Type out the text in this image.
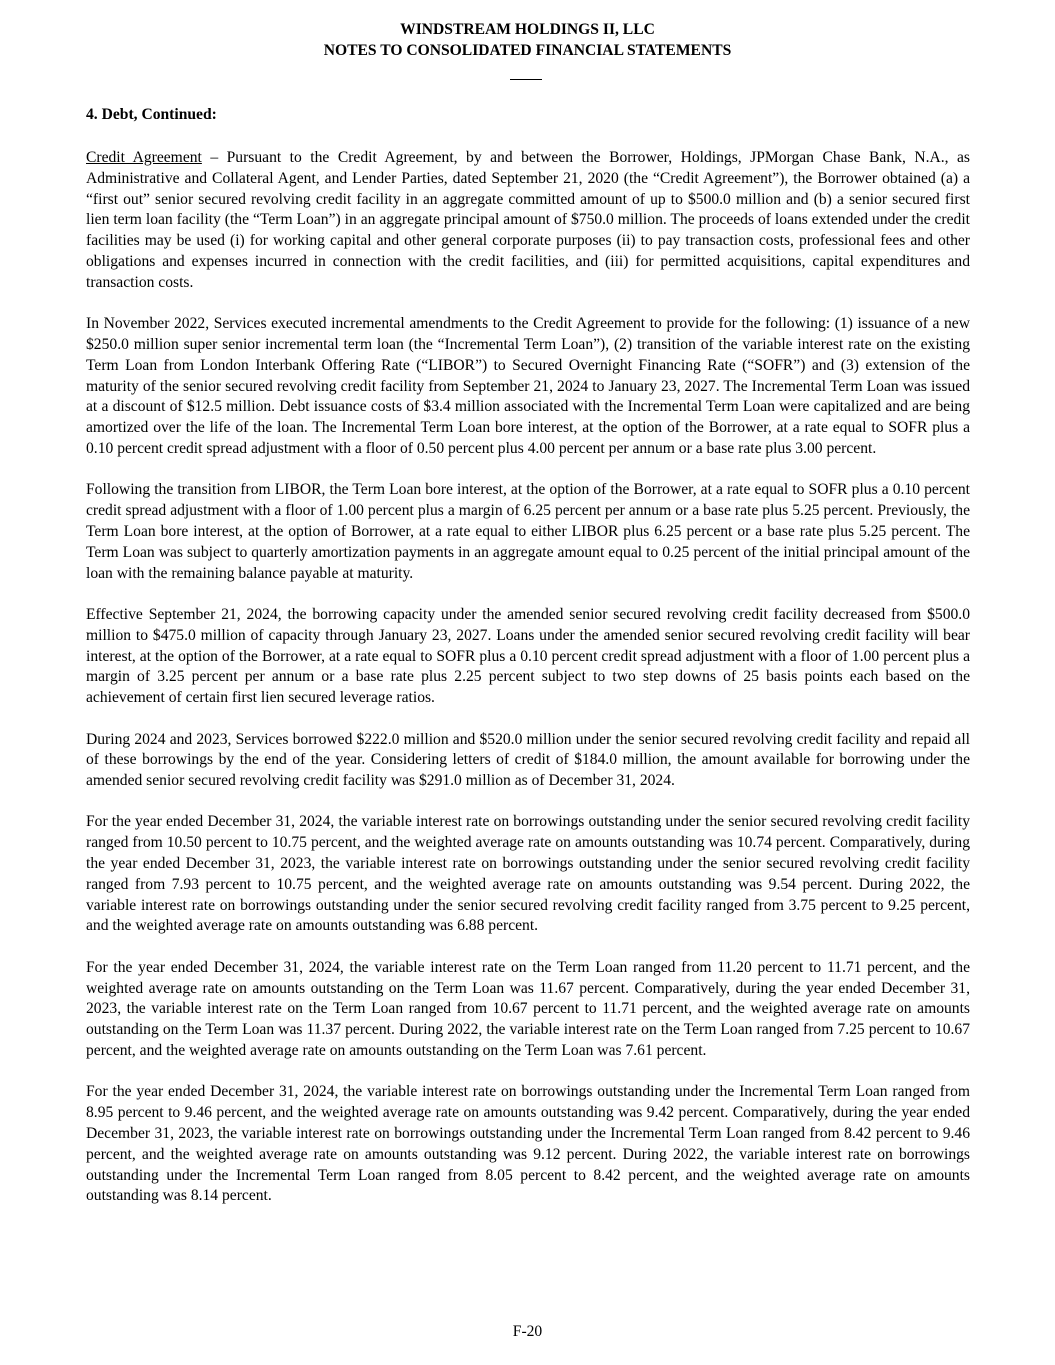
WINDSTREAM HOLDINGS II, LLC
NOTES TO CONSOLIDATED FINANCIAL STATEMENTS
4. Debt, Continued:

Credit Agreement – Pursuant to the Credit Agreement, by and between the Borrower, Holdings, JPMorgan Chase Bank, N.A., as Administrative and Collateral Agent, and Lender Parties, dated September 21, 2020 (the “Credit Agreement”), the Borrower obtained (a) a “first out” senior secured revolving credit facility in an aggregate committed amount of up to $500.0 million and (b) a senior secured first lien term loan facility (the “Term Loan”) in an aggregate principal amount of $750.0 million. The proceeds of loans extended under the credit facilities may be used (i) for working capital and other general corporate purposes (ii) to pay transaction costs, professional fees and other obligations and expenses incurred in connection with the credit facilities, and (iii) for permitted acquisitions, capital expenditures and transaction costs.

In November 2022, Services executed incremental amendments to the Credit Agreement to provide for the following: (1) issuance of a new $250.0 million super senior incremental term loan (the “Incremental Term Loan”), (2) transition of the variable interest rate on the existing Term Loan from London Interbank Offering Rate (“LIBOR”) to Secured Overnight Financing Rate (“SOFR”) and (3) extension of the maturity of the senior secured revolving credit facility from September 21, 2024 to January 23, 2027. The Incremental Term Loan was issued at a discount of $12.5 million. Debt issuance costs of $3.4 million associated with the Incremental Term Loan were capitalized and are being amortized over the life of the loan. The Incremental Term Loan bore interest, at the option of the Borrower, at a rate equal to SOFR plus a 0.10 percent credit spread adjustment with a floor of 0.50 percent plus 4.00 percent per annum or a base rate plus 3.00 percent.

Following the transition from LIBOR, the Term Loan bore interest, at the option of the Borrower, at a rate equal to SOFR plus a 0.10 percent credit spread adjustment with a floor of 1.00 percent plus a margin of 6.25 percent per annum or a base rate plus 5.25 percent. Previously, the Term Loan bore interest, at the option of Borrower, at a rate equal to either LIBOR plus 6.25 percent or a base rate plus 5.25 percent. The Term Loan was subject to quarterly amortization payments in an aggregate amount equal to 0.25 percent of the initial principal amount of the loan with the remaining balance payable at maturity.

Effective September 21, 2024, the borrowing capacity under the amended senior secured revolving credit facility decreased from $500.0 million to $475.0 million of capacity through January 23, 2027. Loans under the amended senior secured revolving credit facility will bear interest, at the option of the Borrower, at a rate equal to SOFR plus a 0.10 percent credit spread adjustment with a floor of 1.00 percent plus a margin of 3.25 percent per annum or a base rate plus 2.25 percent subject to two step downs of 25 basis points each based on the achievement of certain first lien secured leverage ratios.

During 2024 and 2023, Services borrowed $222.0 million and $520.0 million under the senior secured revolving credit facility and repaid all of these borrowings by the end of the year. Considering letters of credit of $184.0 million, the amount available for borrowing under the amended senior secured revolving credit facility was $291.0 million as of December 31, 2024.

For the year ended December 31, 2024, the variable interest rate on borrowings outstanding under the senior secured revolving credit facility ranged from 10.50 percent to 10.75 percent, and the weighted average rate on amounts outstanding was 10.74 percent. Comparatively, during the year ended December 31, 2023, the variable interest rate on borrowings outstanding under the senior secured revolving credit facility ranged from 7.93 percent to 10.75 percent, and the weighted average rate on amounts outstanding was 9.54 percent. During 2022, the variable interest rate on borrowings outstanding under the senior secured revolving credit facility ranged from 3.75 percent to 9.25 percent, and the weighted average rate on amounts outstanding was 6.88 percent.

For the year ended December 31, 2024, the variable interest rate on the Term Loan ranged from 11.20 percent to 11.71 percent, and the weighted average rate on amounts outstanding on the Term Loan was 11.67 percent. Comparatively, during the year ended December 31, 2023, the variable interest rate on the Term Loan ranged from 10.67 percent to 11.71 percent, and the weighted average rate on amounts outstanding on the Term Loan was 11.37 percent. During 2022, the variable interest rate on the Term Loan ranged from 7.25 percent to 10.67 percent, and the weighted average rate on amounts outstanding on the Term Loan was 7.61 percent.

For the year ended December 31, 2024, the variable interest rate on borrowings outstanding under the Incremental Term Loan ranged from 8.95 percent to 9.46 percent, and the weighted average rate on amounts outstanding was 9.42 percent. Comparatively, during the year ended December 31, 2023, the variable interest rate on borrowings outstanding under the Incremental Term Loan ranged from 8.42 percent to 9.46 percent, and the weighted average rate on amounts outstanding was 9.12 percent. During 2022, the variable interest rate on borrowings outstanding under the Incremental Term Loan ranged from 8.05 percent to 8.42 percent, and the weighted average rate on amounts outstanding was 8.14 percent.

F-20
